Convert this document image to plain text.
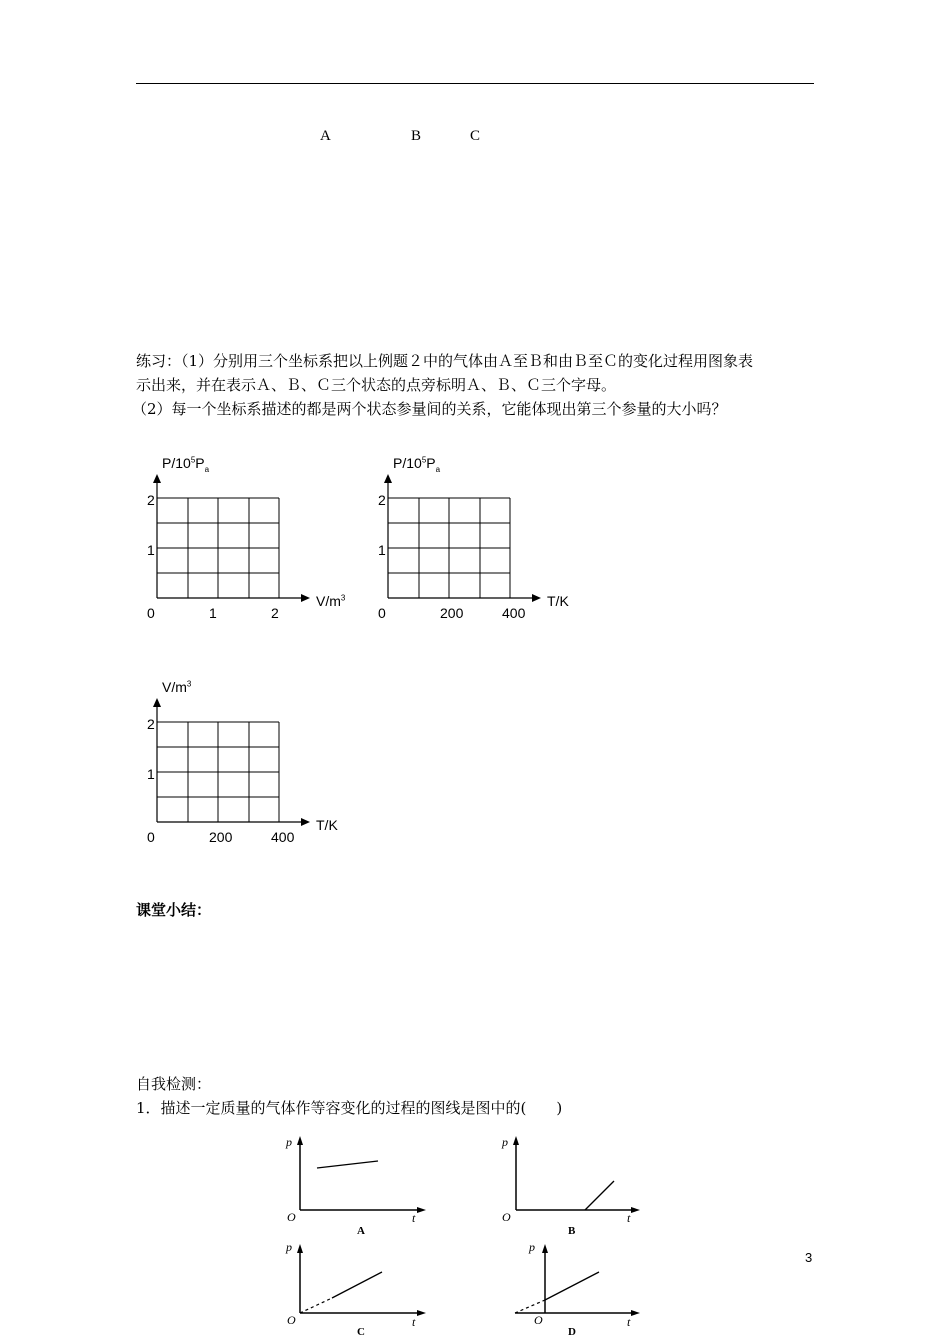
A	B	C
练习：（1）分别用三个坐标系把以上例题２中的气体由Ａ至Ｂ和由Ｂ至Ｃ的变化过程用图象表
示出来，并在表示Ａ、Ｂ、Ｃ三个状态的点旁标明Ａ、Ｂ、Ｃ三个字母。
（2）每一个坐标系描述的都是两个状态参量间的关系，它能体现出第三个参量的大小吗？
$P/10^5P_a$
$V/m^3$
2
1
0	1	2
$P/10^5P_a$
T/K
2
1
0	200	400
$V/m^3$
T/K
2
1
0	200	400
课堂小结：
自我检测：
1．描述一定质量的气体作等容变化的过程的图线是图中的(　　)
p
t
O
A
p
t
O
B
p
t
O
C
p
t
O
D
3
